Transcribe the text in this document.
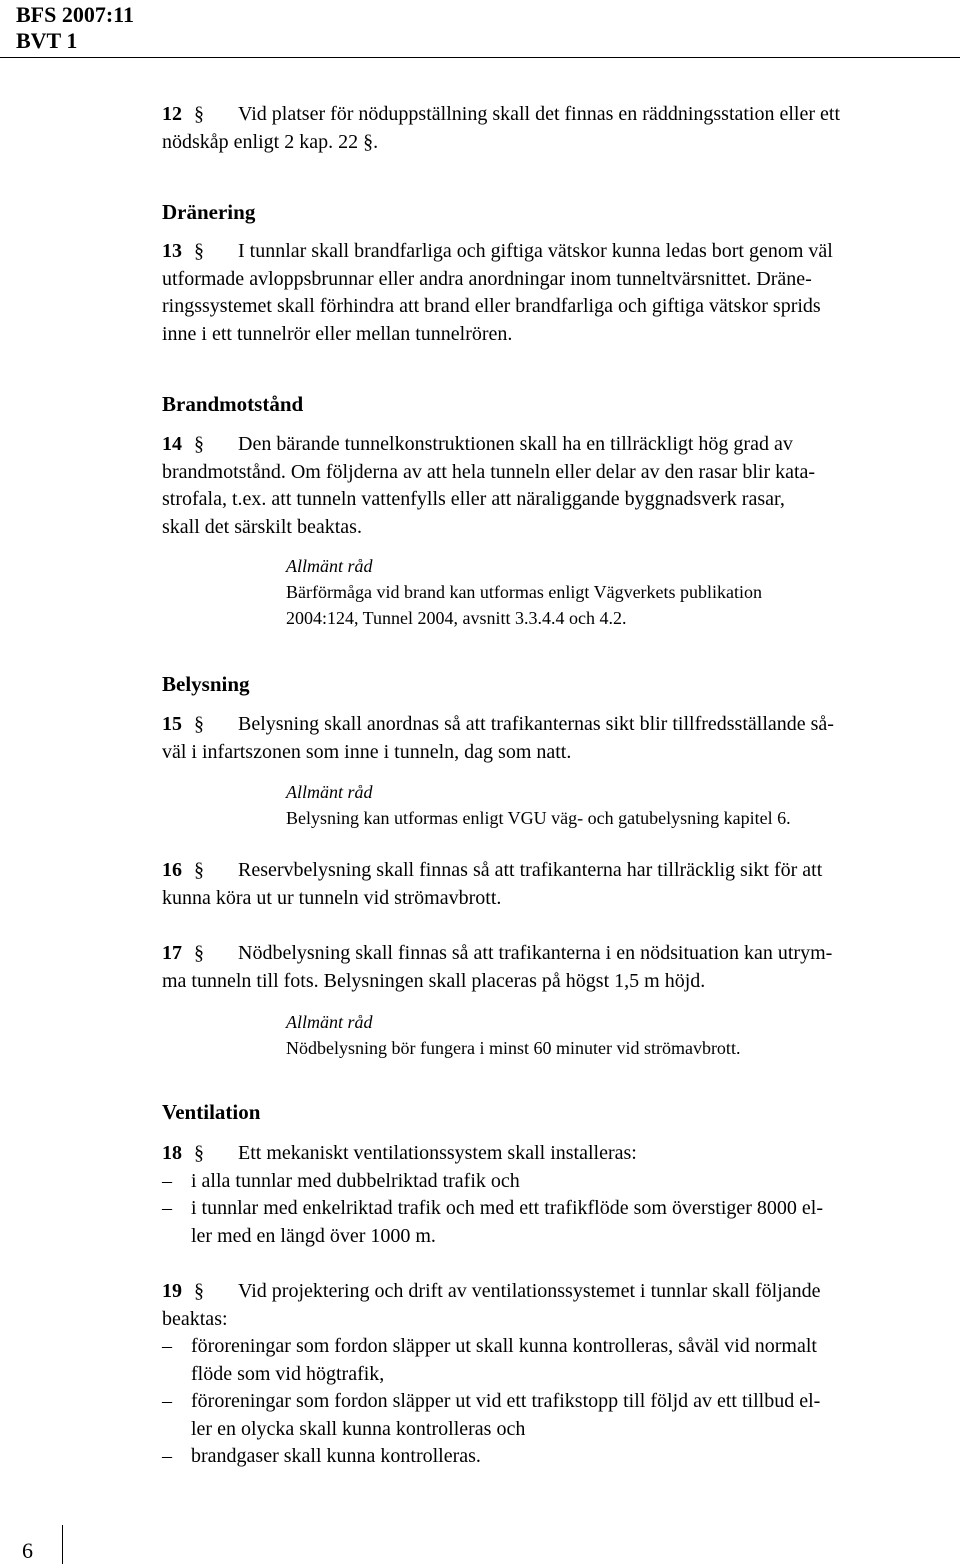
BFS 2007:11
BVT 1

12 § Vid platser för nöduppställning skall det finnas en räddningsstation eller ett

nödskåp enligt 2 kap. 22 §.

Dränering

13 § I tunnlar skall brandfarliga och giftiga vätskor kunna ledas bort genom väl

utformade avloppsbrunnar eller andra anordningar inom tunneltvärsnittet. Dräne-

ringssystemet skall förhindra att brand eller brandfarliga och giftiga vätskor sprids

inne i ett tunnelrör eller mellan tunnelrören.

Brandmotstånd

14 § Den bärande tunnelkonstruktionen skall ha en tillräckligt hög grad av

brandmotstånd. Om följderna av att hela tunneln eller delar av den rasar blir kata-

strofala, t.ex. att tunneln vattenfylls eller att näraliggande byggnadsverk rasar,

skall det särskilt beaktas.

Allmänt råd
Bärförmåga vid brand kan utformas enligt Vägverkets publikation
2004:124, Tunnel 2004, avsnitt 3.3.4.4 och 4.2.

Belysning

15 § Belysning skall anordnas så att trafikanternas sikt blir tillfredsställande så-

väl i infartszonen som inne i tunneln, dag som natt.

Allmänt råd
Belysning kan utformas enligt VGU väg- och gatubelysning kapitel 6.

16 § Reservbelysning skall finnas så att trafikanterna har tillräcklig sikt för att

kunna köra ut ur tunneln vid strömavbrott.

17 § Nödbelysning skall finnas så att trafikanterna i en nödsituation kan utrym-

ma tunneln till fots. Belysningen skall placeras på högst 1,5 m höjd.

Allmänt råd
Nödbelysning bör fungera i minst 60 minuter vid strömavbrott.

Ventilation

18 § Ett mekaniskt ventilationssystem skall installeras:

– i alla tunnlar med dubbelriktad trafik och
– i tunnlar med enkelriktad trafik och med ett trafikflöde som överstiger 8000 el-
ler med en längd över 1000 m.

19 § Vid projektering och drift av ventilationssystemet i tunnlar skall följande

beaktas:

– föroreningar som fordon släpper ut skall kunna kontrolleras, såväl vid normalt
flöde som vid högtrafik,
– föroreningar som fordon släpper ut vid ett trafikstopp till följd av ett tillbud el-
ler en olycka skall kunna kontrolleras och
– brandgaser skall kunna kontrolleras.
6
